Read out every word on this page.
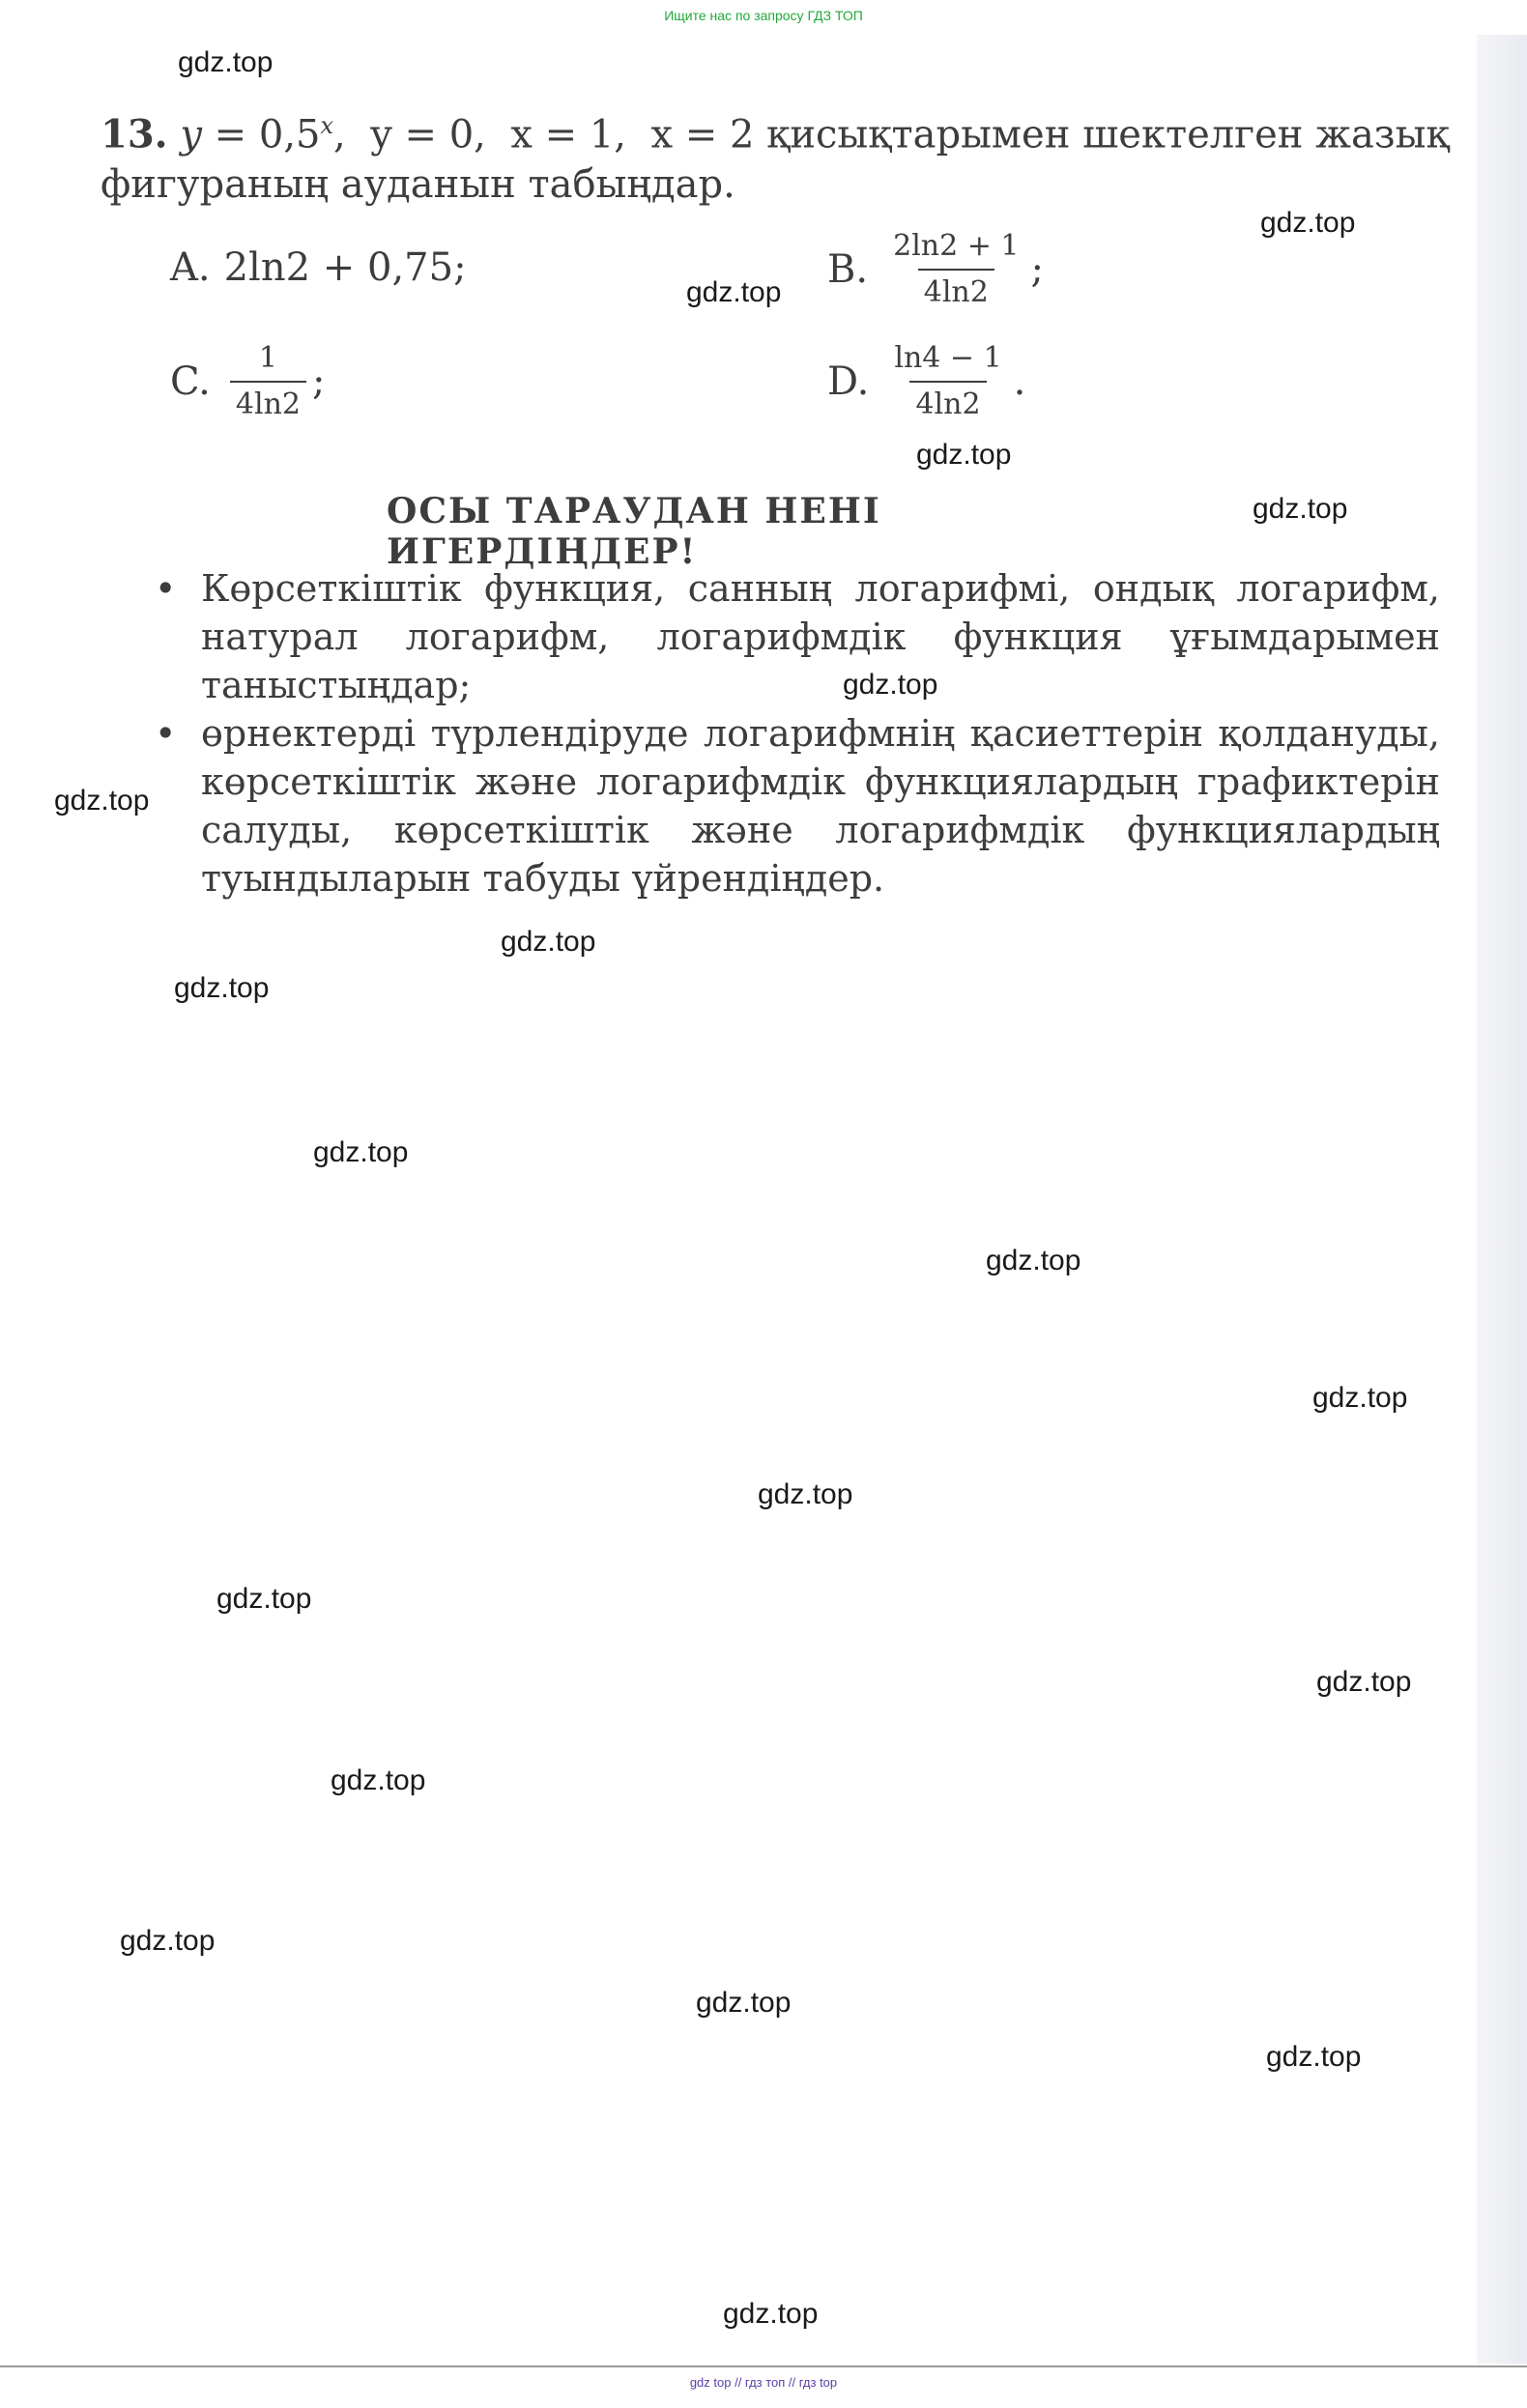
Ищите нас по запросу ГДЗ ТОП
13. $y = 0,5^x$,  y = 0, x = 1, x = 2 қисықтарымен шектелген жазық фигураның ауданын табыңдар.
A. 2ln2 + 0,75;	B. $\frac{2\ln 2 + 1}{4\ln 2}$ ;
C. $\frac{1}{4\ln 2}$ ;	D. $\frac{\ln 4 - 1}{4\ln 2}$ .
ОСЫ ТАРАУДАН НЕНІ ИГЕРДІҢДЕР!
• Көрсеткіштік функция, санның логарифмі, ондық логарифм, натурал логарифм, логарифмдік функция ұғымдарымен таныстыңдар;
• өрнектерді түрлендіруде логарифмнің қасиеттерін қолдануды, көрсеткіштік және логарифмдік функциялардың графиктерін салуды, көрсеткіштік және логарифмдік функциялардың туындыларын табуды үйрендіңдер.
gdz.top
gdz.top
gdz.top
gdz.top
gdz.top
gdz.top
gdz.top
gdz.top
gdz.top
gdz.top
gdz.top
gdz.top
gdz.top
gdz.top
gdz.top
gdz.top
gdz.top
gdz.top
gdz.top
gdz.top
gdz top // гдз топ // гдз top
